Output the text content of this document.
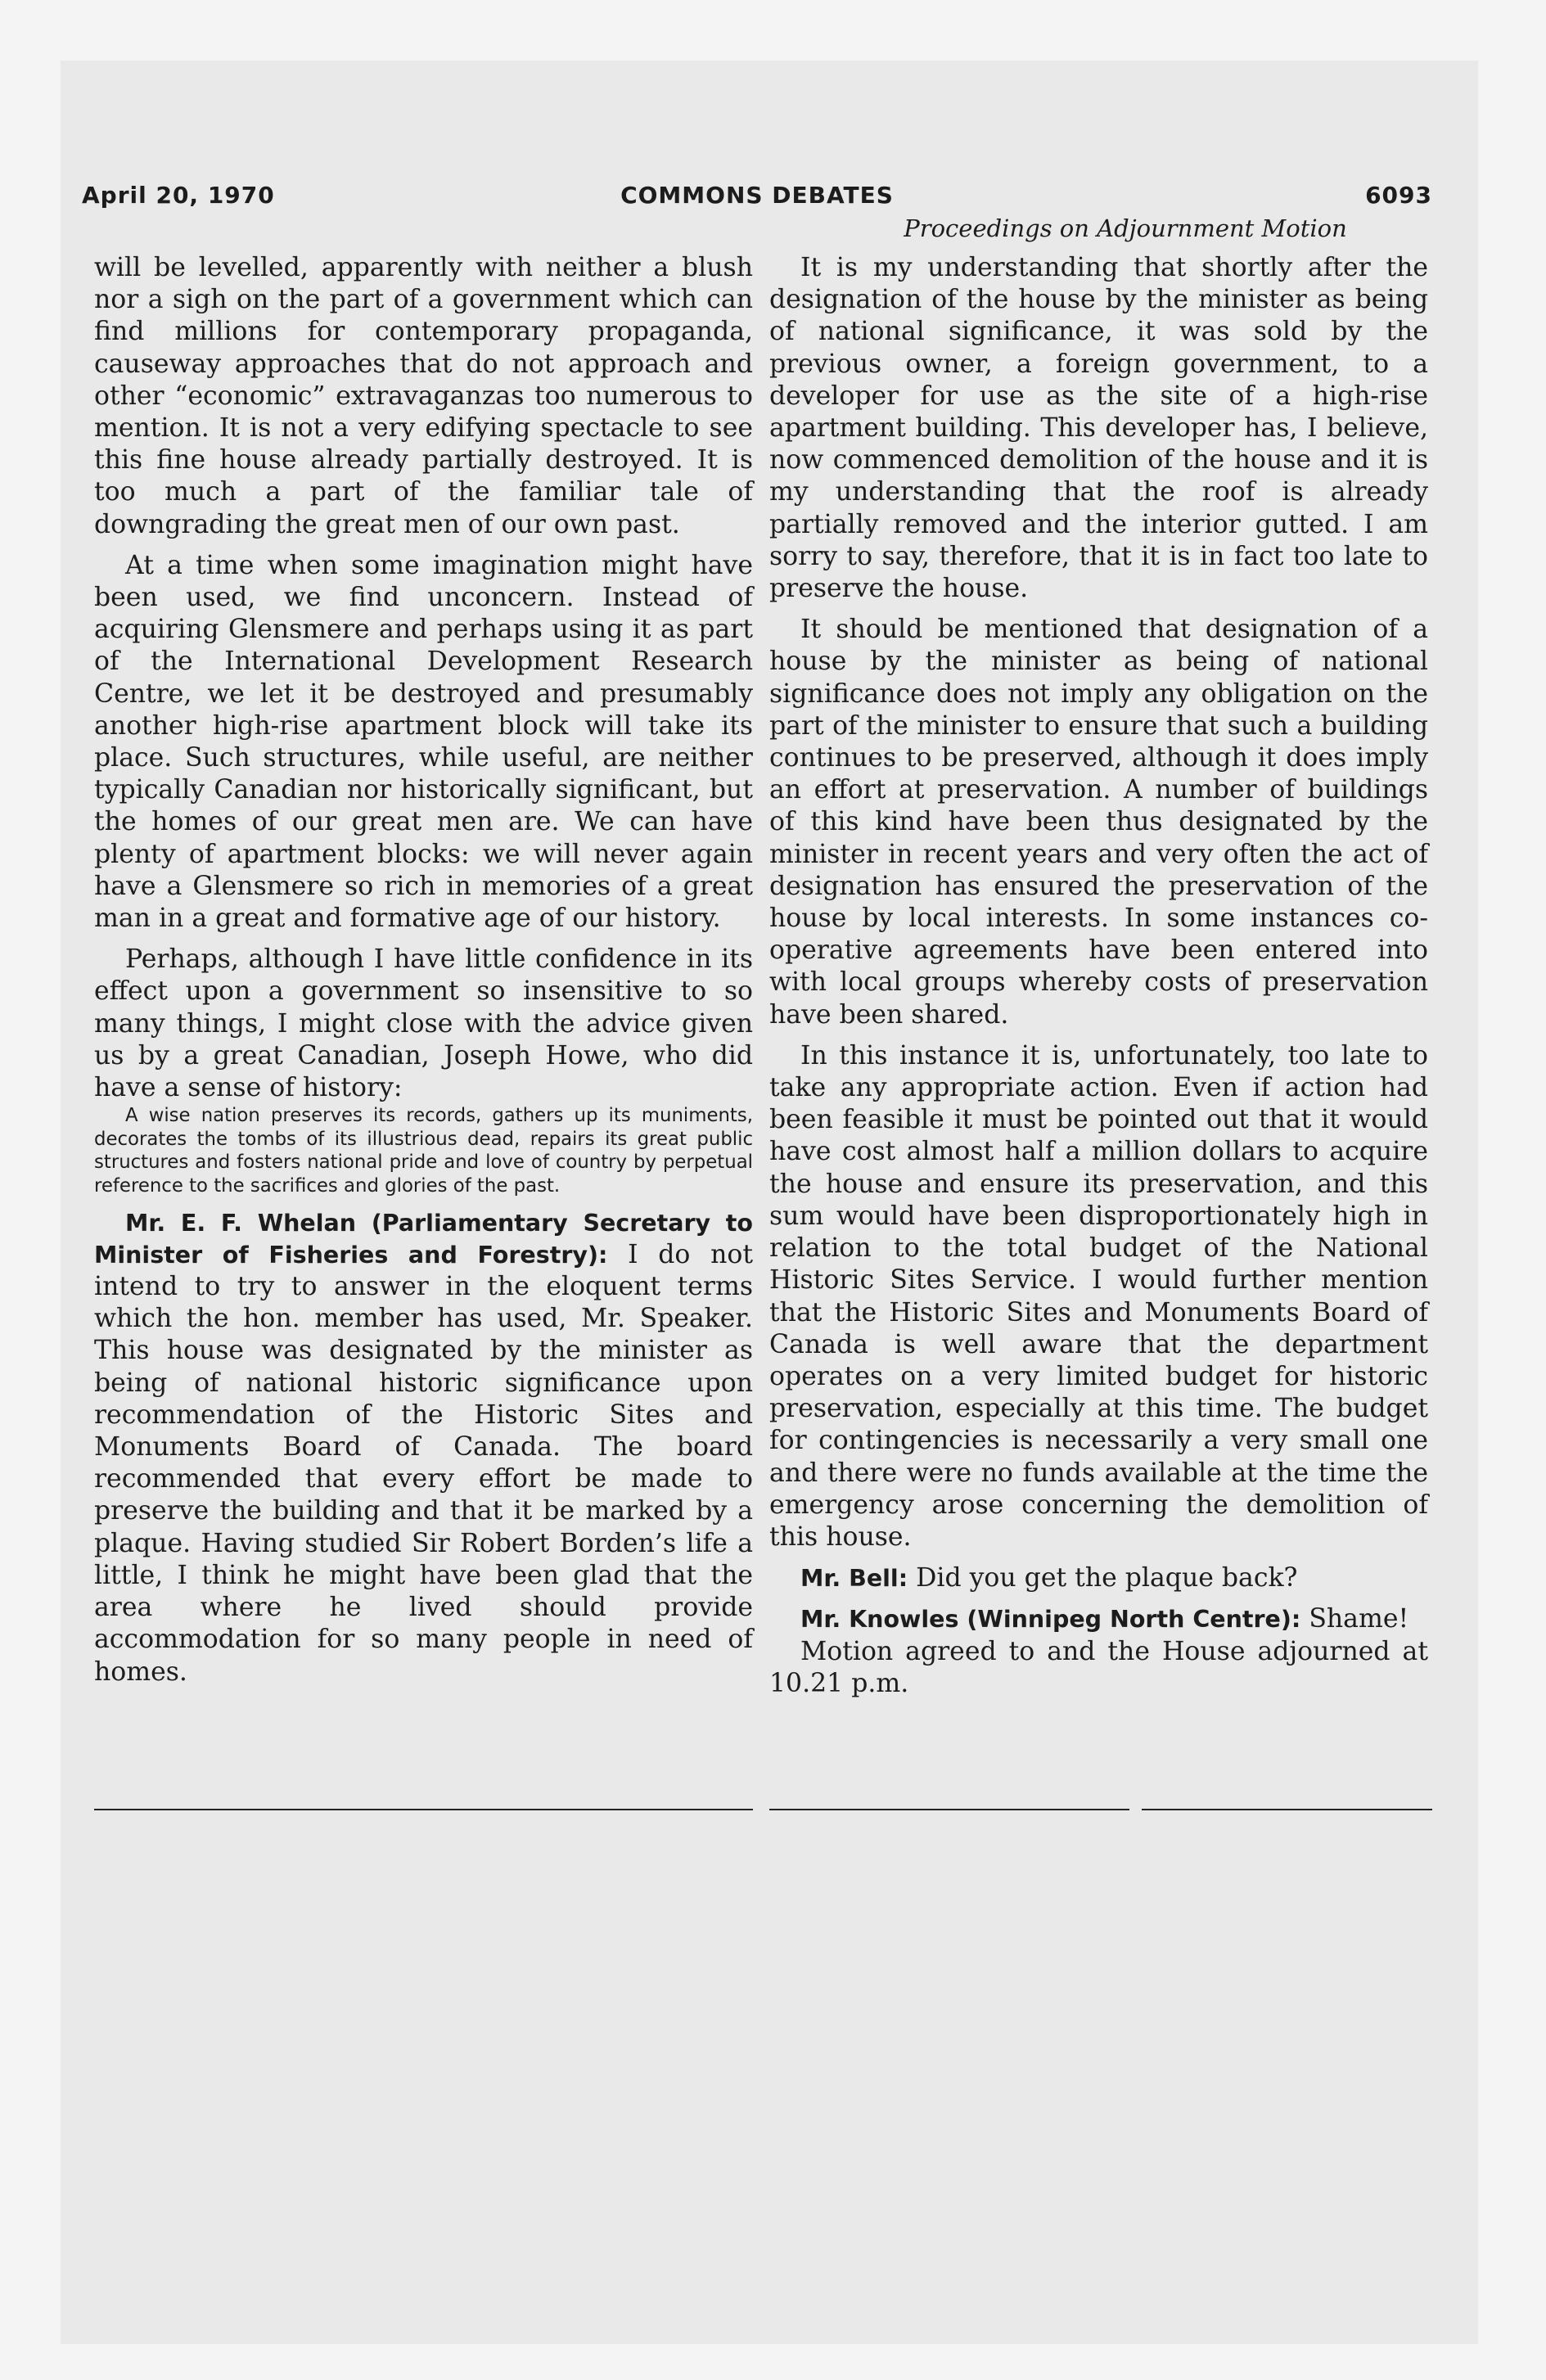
April 20, 1970	COMMONS DEBATES	6093
Proceedings on Adjournment Motion

will be levelled, apparently with neither a blush nor a sigh on the part of a government which can find millions for contemporary propaganda, causeway approaches that do not approach and other “economic” extravaganzas too numerous to mention. It is not a very edifying spectacle to see this fine house already partially destroyed. It is too much a part of the familiar tale of downgrading the great men of our own past.

At a time when some imagination might have been used, we find unconcern. Instead of acquiring Glensmere and perhaps using it as part of the International Development Research Centre, we let it be destroyed and presumably another high-rise apartment block will take its place. Such structures, while useful, are neither typically Canadian nor historically significant, but the homes of our great men are. We can have plenty of apartment blocks: we will never again have a Glensmere so rich in memories of a great man in a great and formative age of our history.

Perhaps, although I have little confidence in its effect upon a government so insensitive to so many things, I might close with the advice given us by a great Canadian, Joseph Howe, who did have a sense of history:

A wise nation preserves its records, gathers up its muniments, decorates the tombs of its illustrious dead, repairs its great public structures and fosters national pride and love of country by perpetual reference to the sacrifices and glories of the past.

Mr. E. F. Whelan (Parliamentary Secretary to Minister of Fisheries and Forestry): I do not intend to try to answer in the eloquent terms which the hon. member has used, Mr. Speaker. This house was designated by the minister as being of national historic significance upon recommendation of the Historic Sites and Monuments Board of Canada. The board recommended that every effort be made to preserve the building and that it be marked by a plaque. Having studied Sir Robert Borden’s life a little, I think he might have been glad that the area where he lived should provide accommodation for so many people in need of homes.

It is my understanding that shortly after the designation of the house by the minister as being of national significance, it was sold by the previous owner, a foreign government, to a developer for use as the site of a high-rise apartment building. This developer has, I believe, now commenced demolition of the house and it is my understanding that the roof is already partially removed and the interior gutted. I am sorry to say, therefore, that it is in fact too late to preserve the house.

It should be mentioned that designation of a house by the minister as being of national significance does not imply any obligation on the part of the minister to ensure that such a building continues to be preserved, although it does imply an effort at preservation. A number of buildings of this kind have been thus designated by the minister in recent years and very often the act of designation has ensured the preservation of the house by local interests. In some instances co-operative agreements have been entered into with local groups whereby costs of preservation have been shared.

In this instance it is, unfortunately, too late to take any appropriate action. Even if action had been feasible it must be pointed out that it would have cost almost half a million dollars to acquire the house and ensure its preservation, and this sum would have been disproportionately high in relation to the total budget of the National Historic Sites Service. I would further mention that the Historic Sites and Monuments Board of Canada is well aware that the department operates on a very limited budget for historic preservation, especially at this time. The budget for contingencies is necessarily a very small one and there were no funds available at the time the emergency arose concerning the demolition of this house.

Mr. Bell: Did you get the plaque back?

Mr. Knowles (Winnipeg North Centre): Shame!

Motion agreed to and the House adjourned at 10.21 p.m.
